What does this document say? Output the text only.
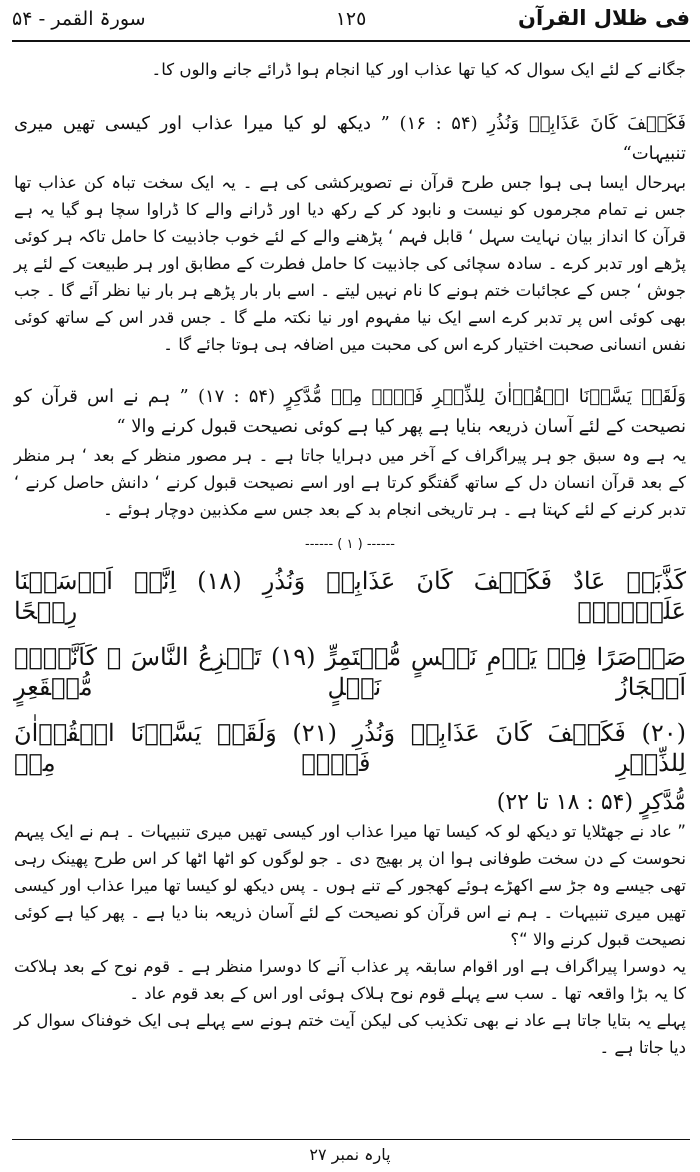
فی ظلال القرآن
١٢٥
سورۃ القمر - ۵۴

جگانے کے لئے ایک سوال کہ کیا تھا عذاب اور کیا انجام ہوا ڈرائے جانے والوں کا۔

فَکَیۡفَ کَانَ عَذَابِیۡ وَنُذُرِ (۵۴ : ۱۶) ” دیکھ لو کیا میرا عذاب اور کیسی تھیں میری تنبیہات“

بہرحال ایسا ہی ہوا جس طرح قرآن نے تصویرکشی کی ہے ۔ یہ ایک سخت تباہ کن عذاب تھا جس نے تمام مجرموں کو نیست و نابود کر کے رکھ دیا اور ڈرانے والے کا ڈراوا سچا ہو گیا یہ ہے قرآن کا انداز بیان نہایت سہل ‘ قابل فہم ‘ پڑھنے والے کے لئے خوب جاذبیت کا حامل تاکہ ہر کوئی پڑھے اور تدبر کرے ۔ سادہ سچائی کی جاذبیت کا حامل فطرت کے مطابق اور ہر طبیعت کے لئے پر جوش ‘ جس کے عجائبات ختم ہونے کا نام نہیں لیتے ۔ اسے بار بار پڑھے ہر بار نیا نظر آئے گا ۔ جب بھی کوئی اس پر تدبر کرے اسے ایک نیا مفہوم اور نیا نکتہ ملے گا ۔ جس قدر اس کے ساتھ کوئی نفس انسانی صحبت اختیار کرے اس کی محبت میں اضافہ ہی ہوتا جائے گا ۔

وَلَقَدۡ یَسَّرۡنَا الۡقُرۡاٰنَ لِلذِّکۡرِ فَہَلۡ مِنۡ مُّدَّکِرٍ (۵۴ : ۱۷) ” ہم نے اس قرآن کو نصیحت کے لئے آسان ذریعہ بنایا ہے پھر کیا ہے کوئی نصیحت قبول کرنے والا “

یہ ہے وہ سبق جو ہر پیراگراف کے آخر میں دہرایا جاتا ہے ۔ ہر مصور منظر کے بعد ‘ ہر منظر کے بعد قرآن انسان دل کے ساتھ گفتگو کرتا ہے اور اسے نصیحت قبول کرنے ‘ دانش حاصل کرنے ‘ تدبر کرنے کے لئے کہتا ہے ۔ ہر تاریخی انجام بد کے بعد جس سے مکذبین دوچار ہوئے ۔

------ ( ۱ ) ------

کَذَّبَتۡ عَادٌ فَکَیۡفَ کَانَ عَذَابِیۡ وَنُذُرِ (۱۸) اِنَّاۤ اَرۡسَلۡنَا عَلَیۡہِمۡ رِیۡحًا

صَرۡصَرًا فِیۡ یَوۡمِ نَحۡسٍ مُّسۡتَمِرٍّ (۱۹) تَنۡزِعُ النَّاسَ ۙ کَاَنَّہُمۡ اَعۡجَازُ نَخۡلٍ مُّنۡقَعِرٍ

(۲۰) فَکَیۡفَ کَانَ عَذَابِیۡ وَنُذُرِ (۲۱) وَلَقَدۡ یَسَّرۡنَا الۡقُرۡاٰنَ لِلذِّکۡرِ فَہَلۡ مِنۡ

مُّدَّکِرٍ (۵۴ : ۱۸ تا ۲۲)

” عاد نے جھٹلایا تو دیکھ لو کہ کیسا تھا میرا عذاب اور کیسی تھیں میری تنبیہات ۔ ہم نے ایک پیہم نحوست کے دن سخت طوفانی ہوا ان پر بھیج دی ۔ جو لوگوں کو اٹھا اٹھا کر اس طرح پھینک رہی تھی جیسے وہ جڑ سے اکھڑے ہوئے کھجور کے تنے ہوں ۔ پس دیکھ لو کیسا تھا میرا عذاب اور کیسی تھیں میری تنبیہات ۔ ہم نے اس قرآن کو نصیحت کے لئے آسان ذریعہ بنا دیا ہے ۔ پھر کیا ہے کوئی نصیحت قبول کرنے والا “؟

یہ دوسرا پیراگراف ہے اور اقوام سابقہ پر عذاب آنے کا دوسرا منظر ہے ۔ قوم نوح کے بعد ہلاکت کا یہ بڑا واقعہ تھا ۔ سب سے پہلے قوم نوح ہلاک ہوئی اور اس کے بعد قوم عاد ۔

پہلے یہ بتایا جاتا ہے عاد نے بھی تکذیب کی لیکن آیت ختم ہونے سے پہلے ہی ایک خوفناک سوال کر دیا جاتا ہے ۔

پارہ نمبر ۲۷
